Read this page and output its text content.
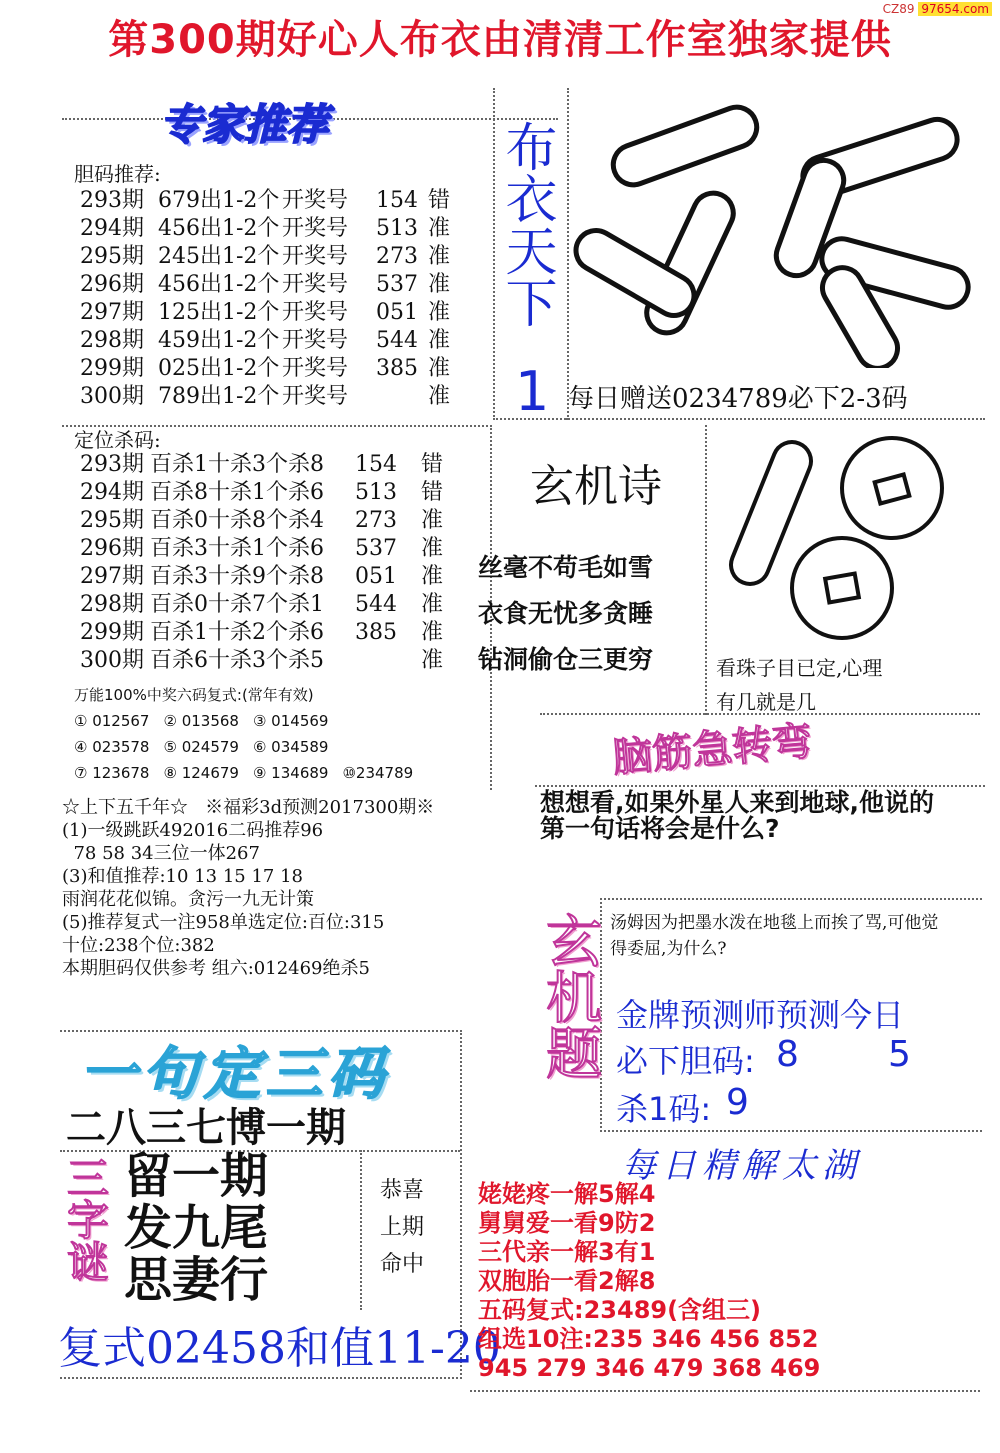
第300期好心人布衣由清清工作室独家提供
CZ89 97654.com
专家推荐
胆码推荐:
293期 679出1-2个 开奖号	154 错
294期 456出1-2个 开奖号	513 准
295期 245出1-2个 开奖号	273 准
296期 456出1-2个 开奖号	537 准
297期 125出1-2个 开奖号	051 准
298期 459出1-2个 开奖号	544 准
299期 025出1-2个 开奖号	385 准
300期 789出1-2个 开奖号	准
定位杀码:
293期 百杀1十杀3个杀8	154	错
294期 百杀8十杀1个杀6	513	错
295期 百杀0十杀8个杀4	273	准
296期 百杀3十杀1个杀6	537	准
297期 百杀3十杀9个杀8	051	准
298期 百杀0十杀7个杀1	544	准
299期 百杀1十杀2个杀6	385	准
300期 百杀6十杀3个杀5	准
万能100%中奖六码复式:(常年有效)
① 012567 ② 013568 ③ 014569
④ 023578 ⑤ 024579 ⑥ 034589
⑦ 123678 ⑧ 124679 ⑨ 134689 ⑩234789
☆上下五千年☆   ※福彩3d预测2017300期※
(1)一级跳跃492016二码推荐96
78 58 34三位一体267
(3)和值推荐:10 13 15 17 18
雨润花花似锦。贪污一九无计策
(5)推荐复式一注958单选定位:百位:315
十位:238个位:382
本期胆码仅供参考 组六:012469绝杀5
布衣天下
1 每日赠送0234789必下2-3码
玄机诗
丝毫不苟毛如雪
衣食无忧多贪睡
钻洞偷仓三更穷	看珠子目已定,心理
有几就是几
脑筋急转弯
想想看,如果外星人来到地球,他说的第一句话将会是什么?
玄机题 汤姆因为把墨水泼在地毯上而挨了骂,可他觉得委屈,为什么?
金牌预测师预测今日
必下胆码: 8 5
杀1码: 9
一句定三码
二八三七博一期
三字谜 留一期
发九尾
思妻行
恭喜
上期
命中
复式02458和值11-20
每日精解太湖
姥姥疼一解5解4
舅舅爱一看9防2
三代亲一解3有1
双胞胎一看2解8
五码复式:23489(含组三)
组选10注:235 346 456 852
945 279 346 479 368 469
